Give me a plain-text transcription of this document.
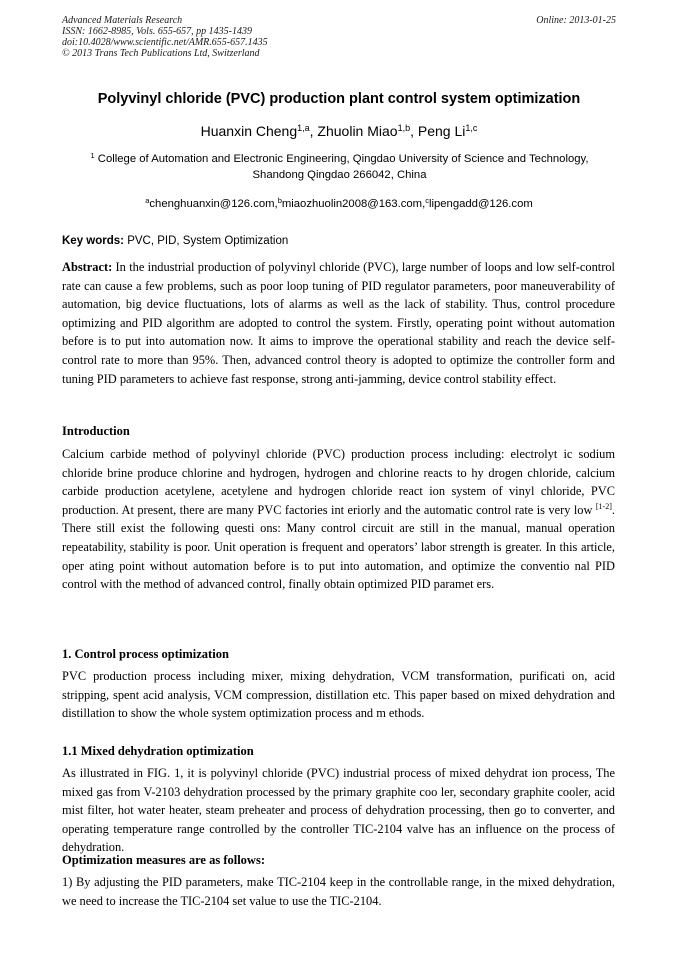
Advanced Materials Research
ISSN: 1662-8985, Vols. 655-657, pp 1435-1439
doi:10.4028/www.scientific.net/AMR.655-657.1435
© 2013 Trans Tech Publications Ltd, Switzerland
Online: 2013-01-25
Polyvinyl chloride (PVC) production plant control system optimization
Huanxin Cheng$^{1,a}$, Zhuolin Miao$^{1,b}$, Peng Li$^{1,c}$
$^1$ College of Automation and Electronic Engineering, Qingdao University of Science and Technology,
Shandong Qingdao 266042, China
$^a$chenghuanxin@126.com,$^b$miaozhuolin2008@163.com,$^c$lipengadd@126.com
Key words: PVC, PID, System Optimization
Abstract: In the industrial production of polyvinyl chloride (PVC), large number of loops and low self-control rate can cause a few problems, such as poor loop tuning of PID regulator parameters, poor maneuverability of automation, big device fluctuations, lots of alarms as well as the lack of stability. Thus, control procedure optimizing and PID algorithm are adopted to control the system. Firstly, operating point without automation before is to put into automation now. It aims to improve the operational stability and reach the device self-control rate to more than 95%. Then, advanced control theory is adopted to optimize the controller form and tuning PID parameters to achieve fast response, strong anti-jamming, device control stability effect.
Introduction
Calcium carbide method of polyvinyl chloride (PVC) production process including: electrolyt ic sodium chloride brine produce chlorine and hydrogen, hydrogen and chlorine reacts to hy drogen chloride, calcium carbide production acetylene, acetylene and hydrogen chloride react ion system of vinyl chloride, PVC production. At present, there are many PVC factories int eriorly and the automatic control rate is very low [1-2]. There still exist the following questi ons: Many control circuit are still in the manual, manual operation repeatability, stability is poor. Unit operation is frequent and operators’ labor strength is greater. In this article, oper ating point without automation before is to put into automation, and optimize the conventio nal PID control with the method of advanced control, finally obtain optimized PID paramet ers.
1. Control process optimization
PVC production process including mixer, mixing dehydration, VCM transformation, purificati on, acid stripping, spent acid analysis, VCM compression, distillation etc. This paper based on mixed dehydration and distillation to show the whole system optimization process and m ethods.
1.1 Mixed dehydration optimization
As illustrated in FIG. 1, it is polyvinyl chloride (PVC) industrial process of mixed dehydrat ion process, The mixed gas from V-2103 dehydration processed by the primary graphite coo ler, secondary graphite cooler, acid mist filter, hot water heater, steam preheater and process of dehydration processing, then go to converter, and operating temperature range controlled by the controller TIC-2104 valve has an influence on the process of dehydration.
Optimization measures are as follows:
1) By adjusting the PID parameters, make TIC-2104 keep in the controllable range, in the mixed dehydration, we need to increase the TIC-2104 set value to use the TIC-2104.
